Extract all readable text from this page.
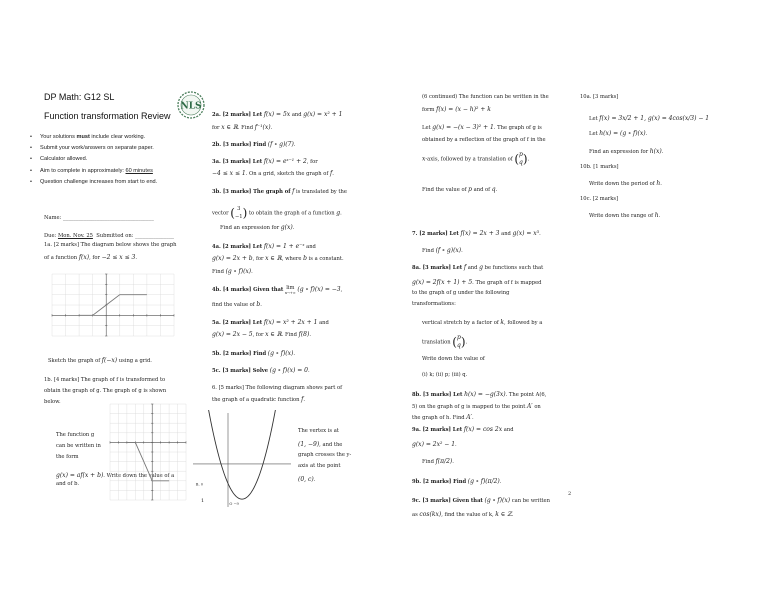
DP Math: G12 SL
Function transformation Review
NLS
• Your solutions must include clear working.
• Submit your work/answers on separate paper.
• Calculator allowed.
• Aim to complete in approximately: 60 minutes
• Question challenge increases from start to end.
Name: ___________________________________
Due: Mon. Nov. 25 Submitted on: _______________
1a. [2 marks] The diagram below shows the graph
of a function f(x), for −2 ≤ x ≤ 3.
Sketch the graph of f(−x) using a grid.
1b. [4 marks] The graph of f is transformed to
obtain the graph of g. The graph of g is shown
below.
The function g
can be written in
the form
g(x) = af(x + b). Write down the value of a
and of b.
2a. [2 marks] Let f(x) = 5x and g(x) = x² + 1
for x ∈ ℝ. Find f⁻¹(x).
2b. [3 marks] Find (f ∘ g)(7).
3a. [3 marks] Let f(x) = eˣ⁻¹ + 2, for
−4 ≤ x ≤ 1. On a grid, sketch the graph of f.
3b. [3 marks] The graph of f is translated by the
vector ( 3
−1) to obtain the graph of a function g.
Find an expression for g(x).
4a. [2 marks] Let f(x) = 1 + e⁻ˣ and
g(x) = 2x + b, for x ∈ ℝ, where b is a constant.
Find (g ∘ f)(x).
4b. [4 marks] Given that lim
x→+∞ (g ∘ f)(x) = −3,
find the value of b.
5a. [2 marks] Let f(x) = x² + 2x + 1 and
g(x) = 2x − 5, for x ∈ ℝ. Find f(8).
5b. [2 marks] Find (g ∘ f)(x).
5c. [3 marks] Solve (g ∘ f)(x) = 0.
6. [5 marks] The following diagram shows part of
the graph of a quadratic function f.
B, 0
O −9
The vertex is at
(1, −9), and the
graph crosses the y-
axis at the point
(0, c).
1
(6 continued) The function can be written in the
form f(x) = (x − h)² + k
Let g(x) = −(x − 3)² + 1. The graph of g is
obtained by a reflection of the graph of f in the
x-axis, followed by a translation of (p
q).
Find the value of p and of q.
7. [2 marks] Let f(x) = 2x + 3 and g(x) = x³.
Find (f ∘ g)(x).
8a. [3 marks] Let f and g be functions such that
g(x) = 2f(x + 1) + 5. The graph of f is mapped
to the graph of g under the following
transformations:
vertical stretch by a factor of k, followed by a
translation (p
q).
Write down the value of
(i) k; (ii) p; (iii) q.
8b. [3 marks] Let h(x) = −g(3x). The point A(6,
5) on the graph of g is mapped to the point A′ on
the graph of h. Find A′.
9a. [2 marks] Let f(x) = cos 2x and
g(x) = 2x² − 1.
Find f(π/2).
9b. [2 marks] Find (g ∘ f)(π/2).
9c. [3 marks] Given that (g ∘ f)(x) can be written
as cos(kx), find the value of k, k ∈ ℤ.
10a. [3 marks]
Let f(x) = 3x/2 + 1, g(x) = 4cos(x/3) − 1
Let h(x) = (g ∘ f)(x).
Find an expression for h(x).
10b. [1 marks]
Write down the period of h.
10c. [2 marks]
Write down the range of h.
2
